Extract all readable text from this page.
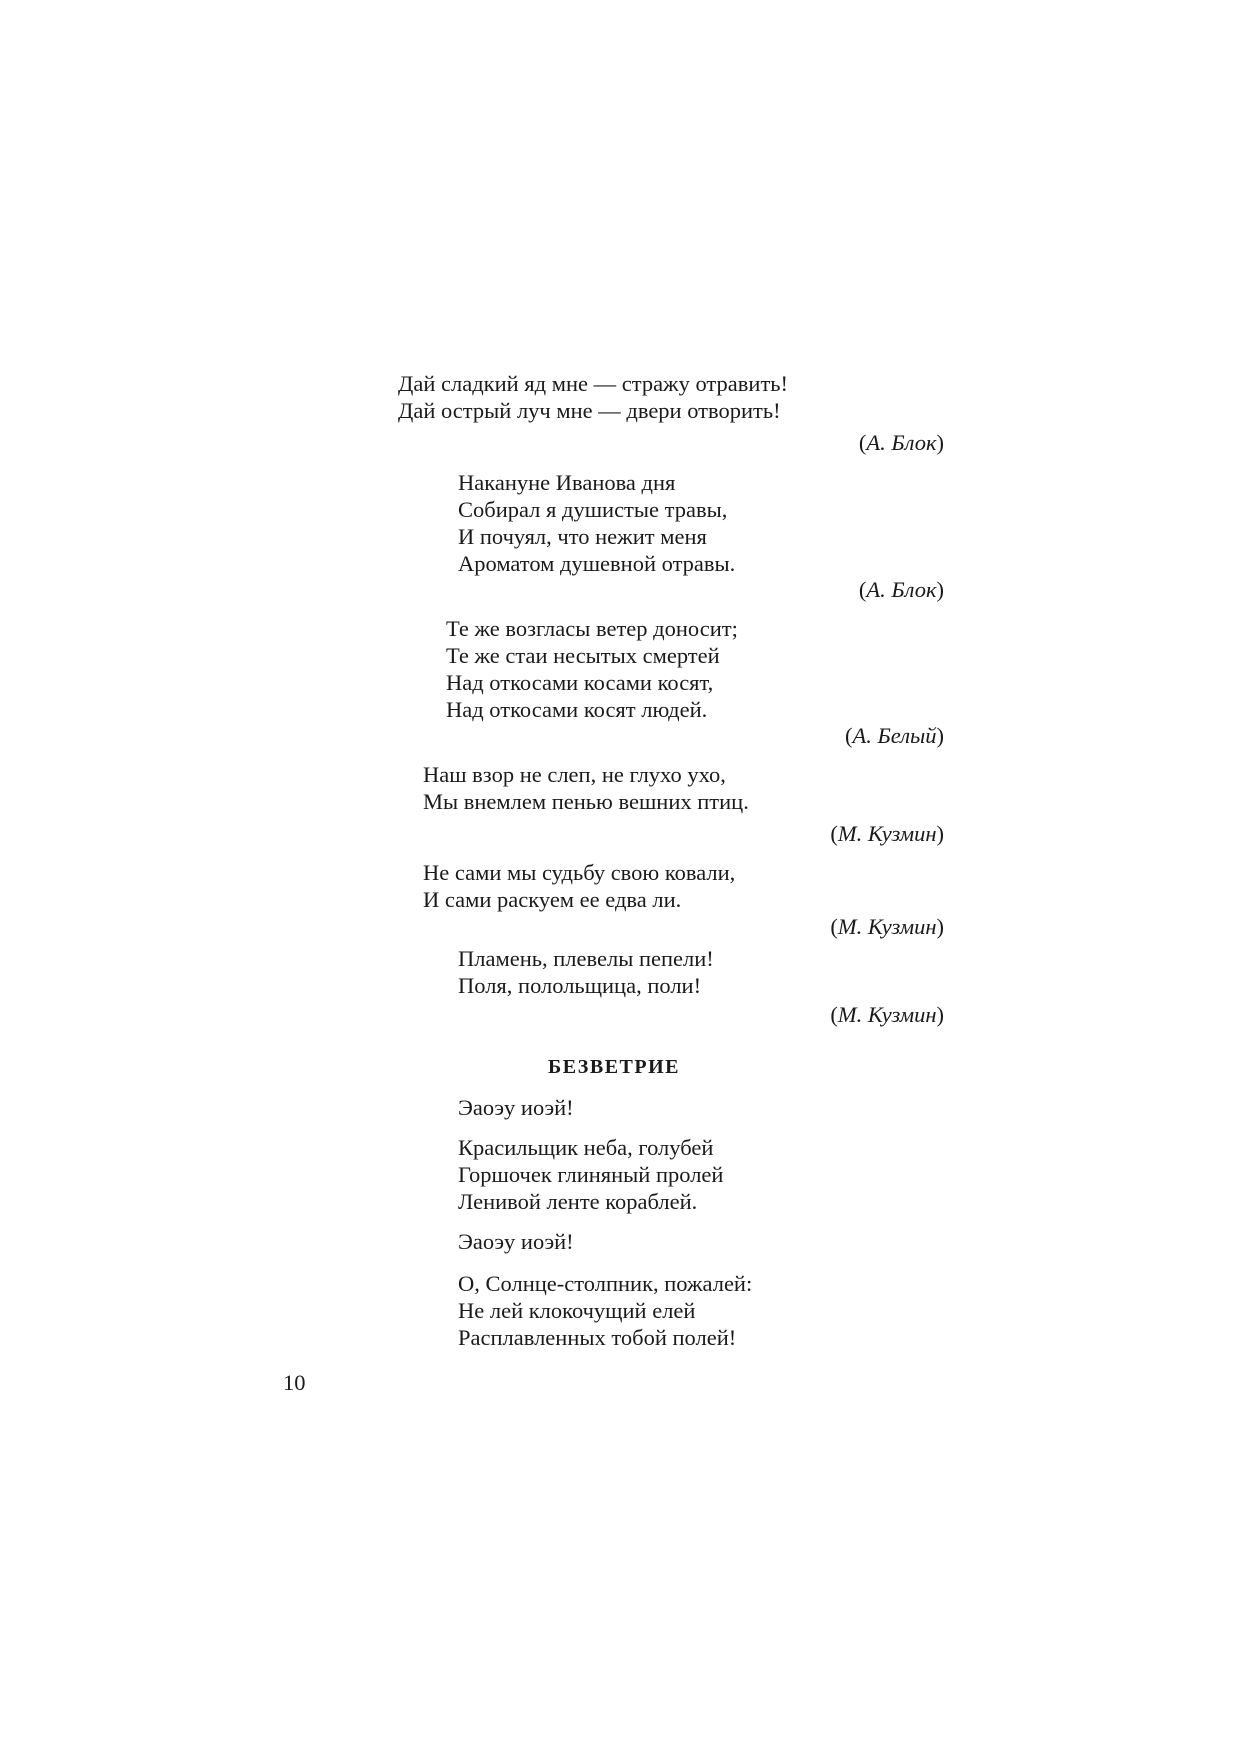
Дай сладкий яд мне — стражу отравить!
Дай острый луч мне — двери отворить!
(А. Блок)
Накануне Иванова дня
Собирал я душистые травы,
И почуял, что нежит меня
Ароматом душевной отравы.
(А. Блок)
Те же возгласы ветер доносит;
Те же стаи несытых смертей
Над откосами косами косят,
Над откосами косят людей.
(А. Белый)
Наш взор не слеп, не глухо ухо,
Мы внемлем пенью вешних птиц.
(М. Кузмин)
Не сами мы судьбу свою ковали,
И сами раскуем ее едва ли.
(М. Кузмин)
Пламень, плевелы пепели!
Поля, полольщица, поли!
(М. Кузмин)
БЕЗВЕТРИЕ
Эаоэу иоэй!
Красильщик неба, голубей
Горшочек глиняный пролей
Ленивой ленте кораблей.
Эаоэу иоэй!
О, Солнце-столпник, пожалей:
Не лей клокочущий елей
Расплавленных тобой полей!
10
